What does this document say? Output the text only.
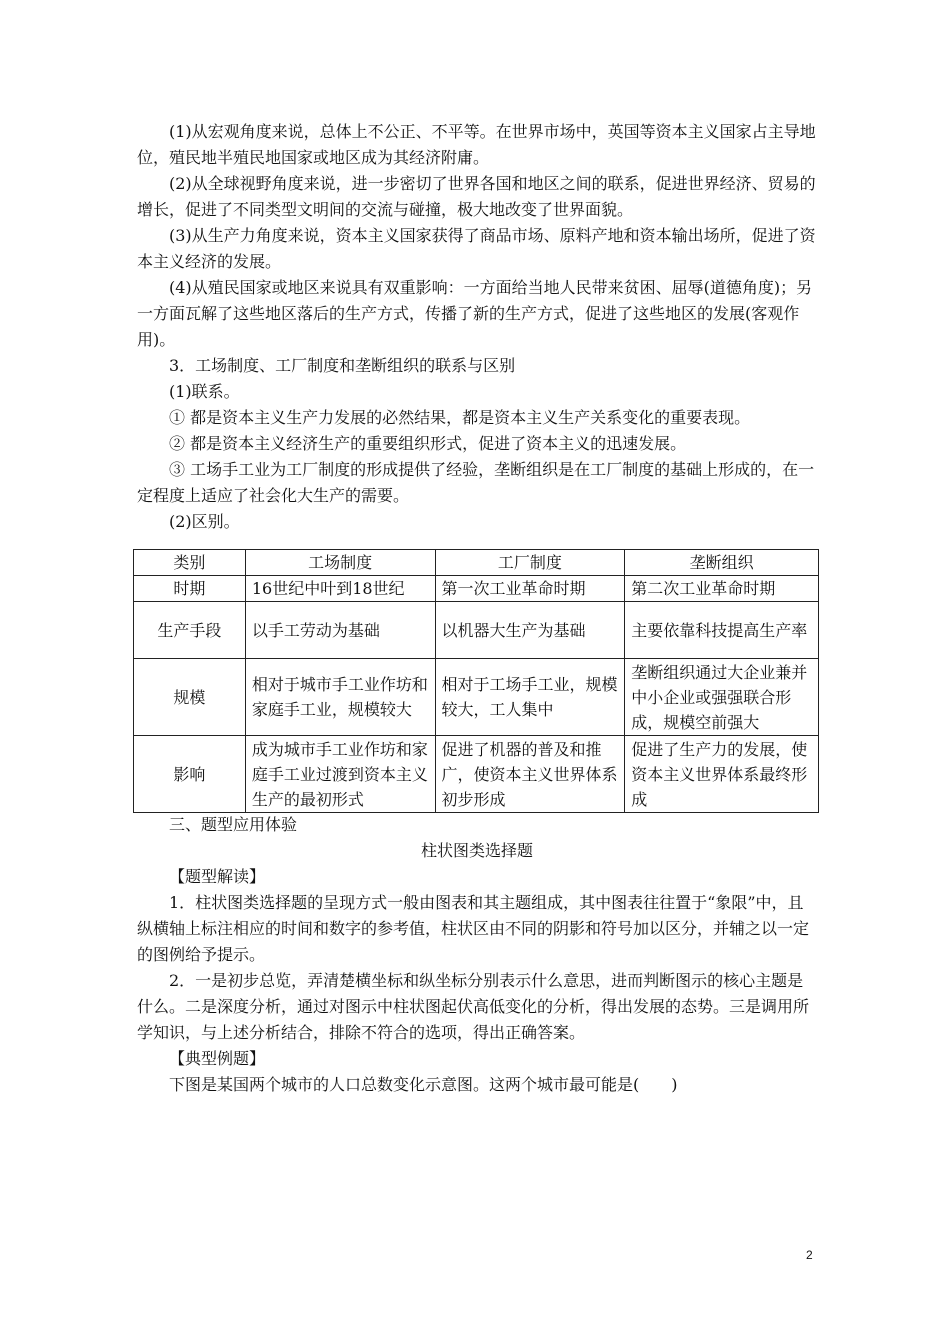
(1)从宏观角度来说，总体上不公正、不平等。在世界市场中，英国等资本主义国家占主导地位，殖民地半殖民地国家或地区成为其经济附庸。

(2)从全球视野角度来说，进一步密切了世界各国和地区之间的联系，促进世界经济、贸易的增长，促进了不同类型文明间的交流与碰撞，极大地改变了世界面貌。

(3)从生产力角度来说，资本主义国家获得了商品市场、原料产地和资本输出场所，促进了资本主义经济的发展。

(4)从殖民国家或地区来说具有双重影响：一方面给当地人民带来贫困、屈辱(道德角度)；另一方面瓦解了这些地区落后的生产方式，传播了新的生产方式，促进了这些地区的发展(客观作用)。

3．工场制度、工厂制度和垄断组织的联系与区别

(1)联系。

① 都是资本主义生产力发展的必然结果，都是资本主义生产关系变化的重要表现。

② 都是资本主义经济生产的重要组织形式，促进了资本主义的迅速发展。

③ 工场手工业为工厂制度的形成提供了经验，垄断组织是在工厂制度的基础上形成的，在一定程度上适应了社会化大生产的需要。

(2)区别。

类别	工场制度	工厂制度	垄断组织
时期	16世纪中叶到18世纪	第一次工业革命时期	第二次工业革命时期
生产手段	以手工劳动为基础	以机器大生产为基础	主要依靠科技提高生产率
规模	相对于城市手工业作坊和家庭手工业，规模较大	相对于工场手工业，规模较大，工人集中	垄断组织通过大企业兼并中小企业或强强联合形成，规模空前强大
影响	成为城市手工业作坊和家庭手工业过渡到资本主义生产的最初形式	促进了机器的普及和推广，使资本主义世界体系初步形成	促进了生产力的发展，使资本主义世界体系最终形成

三、题型应用体验

柱状图类选择题

【题型解读】

1．柱状图类选择题的呈现方式一般由图表和其主题组成，其中图表往往置于“象限”中，且纵横轴上标注相应的时间和数字的参考值，柱状区由不同的阴影和符号加以区分，并辅之以一定的图例给予提示。

2．一是初步总览，弄清楚横坐标和纵坐标分别表示什么意思，进而判断图示的核心主题是什么。二是深度分析，通过对图示中柱状图起伏高低变化的分析，得出发展的态势。三是调用所学知识，与上述分析结合，排除不符合的选项，得出正确答案。

【典型例题】

下图是某国两个城市的人口总数变化示意图。这两个城市最可能是(　　)

2
